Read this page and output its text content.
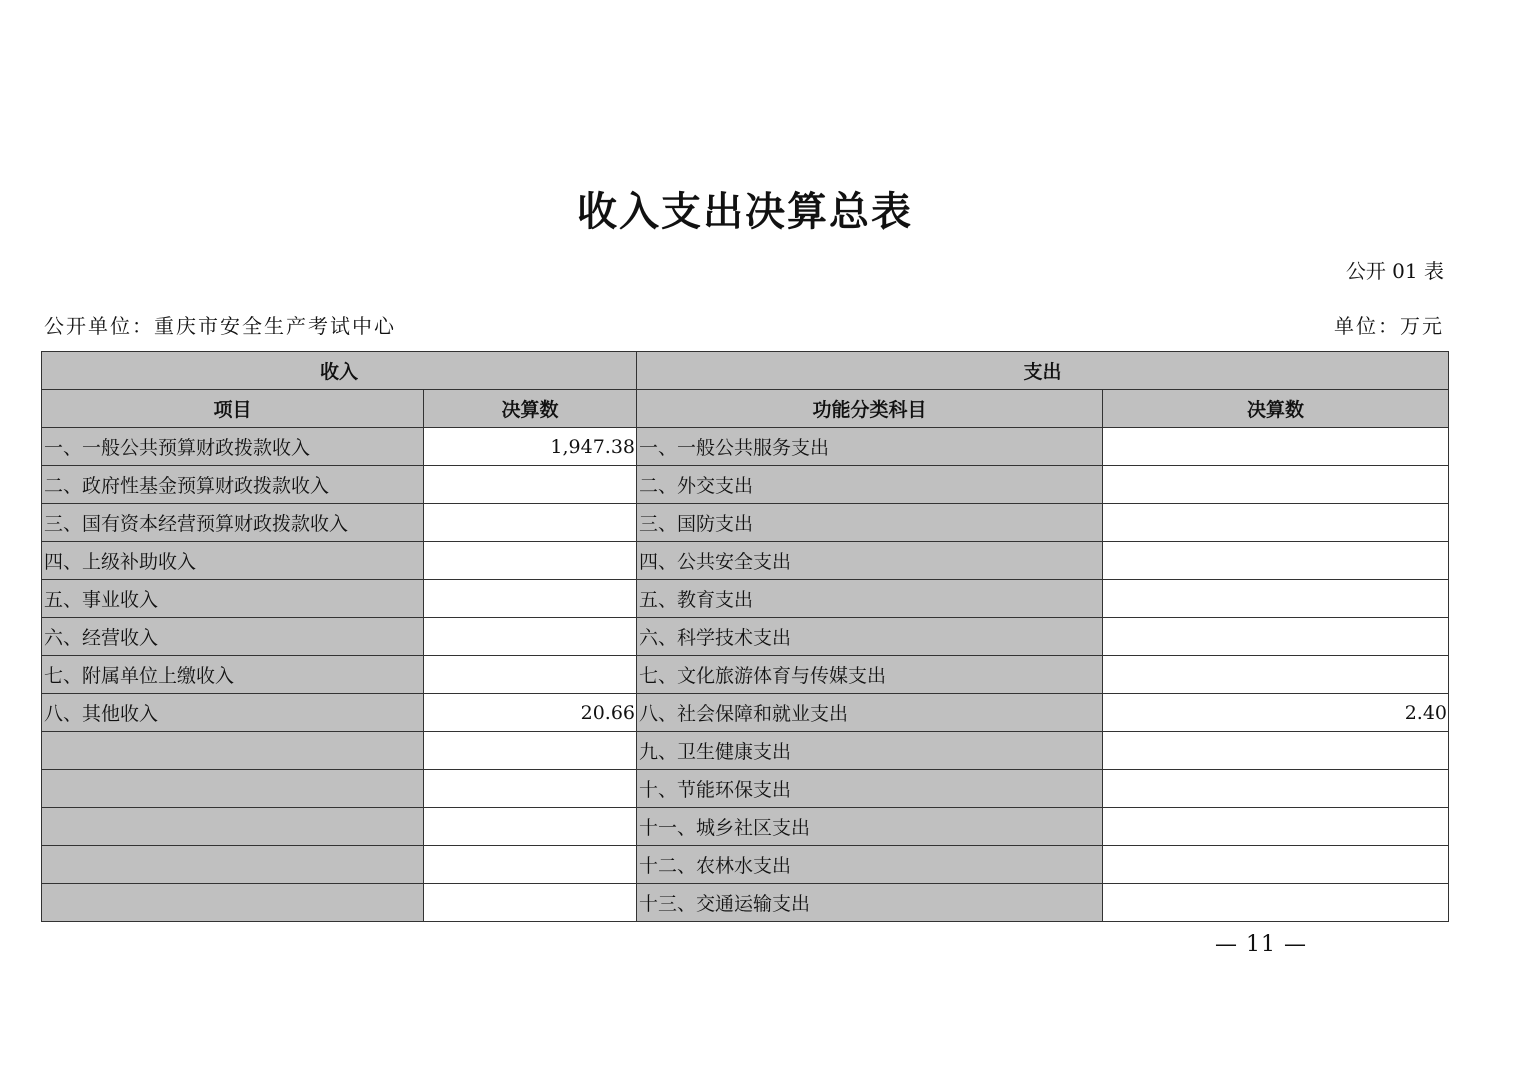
收入支出决算总表
公开 01 表
公开单位：重庆市安全生产考试中心	单位：万元
收入		支出	
项目	决算数	功能分类科目	决算数
一、一般公共预算财政拨款收入	1,947.38	一、一般公共服务支出	
二、政府性基金预算财政拨款收入		二、外交支出	
三、国有资本经营预算财政拨款收入		三、国防支出	
四、上级补助收入		四、公共安全支出	
五、事业收入		五、教育支出	
六、经营收入		六、科学技术支出	
七、附属单位上缴收入		七、文化旅游体育与传媒支出	
八、其他收入	20.66	八、社会保障和就业支出	2.40
		九、卫生健康支出	
		十、节能环保支出	
		十一、城乡社区支出	
		十二、农林水支出	
		十三、交通运输支出	
— 11 —
